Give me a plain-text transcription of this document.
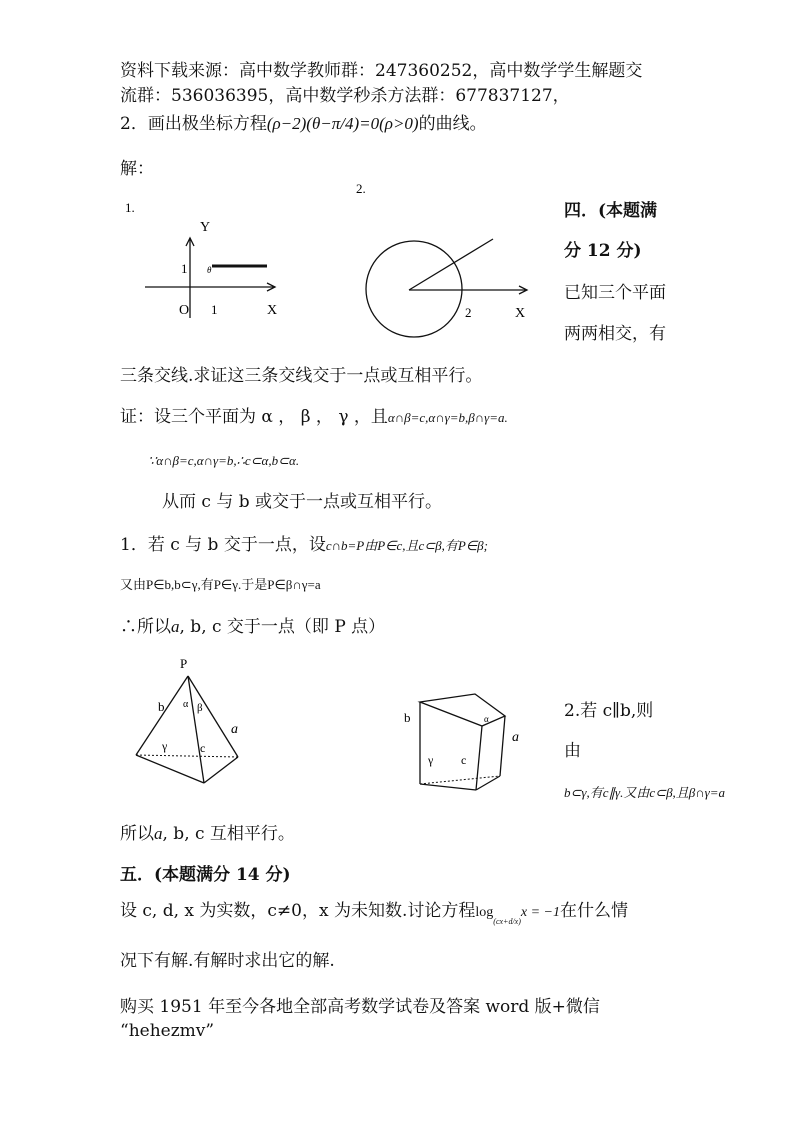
资料下载来源：高中数学教师群：247360252，高中数学学生解题交
流群：536036395，高中数学秒杀方法群：677837127，
2．画出极坐标方程(ρ−2)(θ−π/4)=0(ρ>0)的曲线。
解：
1.
Y
1 θ
O 1	X
2.
2	X
四．(本题满
分 12 分)
已知三个平面
两两相交，有
三条交线.求证这三条交线交于一点或互相平行。
证：设三个平面为 α ， β ， γ ，且α∩β=c,α∩γ=b,β∩γ=a.
∵α∩β=c,α∩γ=b,∴c⊂α,b⊂α.
从而 c 与 b 或交于一点或互相平行。
1．若 c 与 b 交于一点，设c∩b=P由P∈c,且c⊂β,有P∈β;
又由P∈b,b⊂γ,有P∈γ.于是P∈β∩γ=a
∴所以a, b, c 交于一点（即 P 点）
P
b α β
a
γ	c
b	α
a
γ c
2.若 c∥b,则
由
b⊂γ,有c∥γ.又由c⊂β,且β∩γ=a
所以a, b, c 互相平行。
五．(本题满分 14 分)
设 c, d, x 为实数，c≠0，x 为未知数.讨论方程$\log_{(cx+d/x)}x = -1$在什么情
况下有解.有解时求出它的解.
购买 1951 年至今各地全部高考数学试卷及答案 word 版+微信
“hehezmv”
